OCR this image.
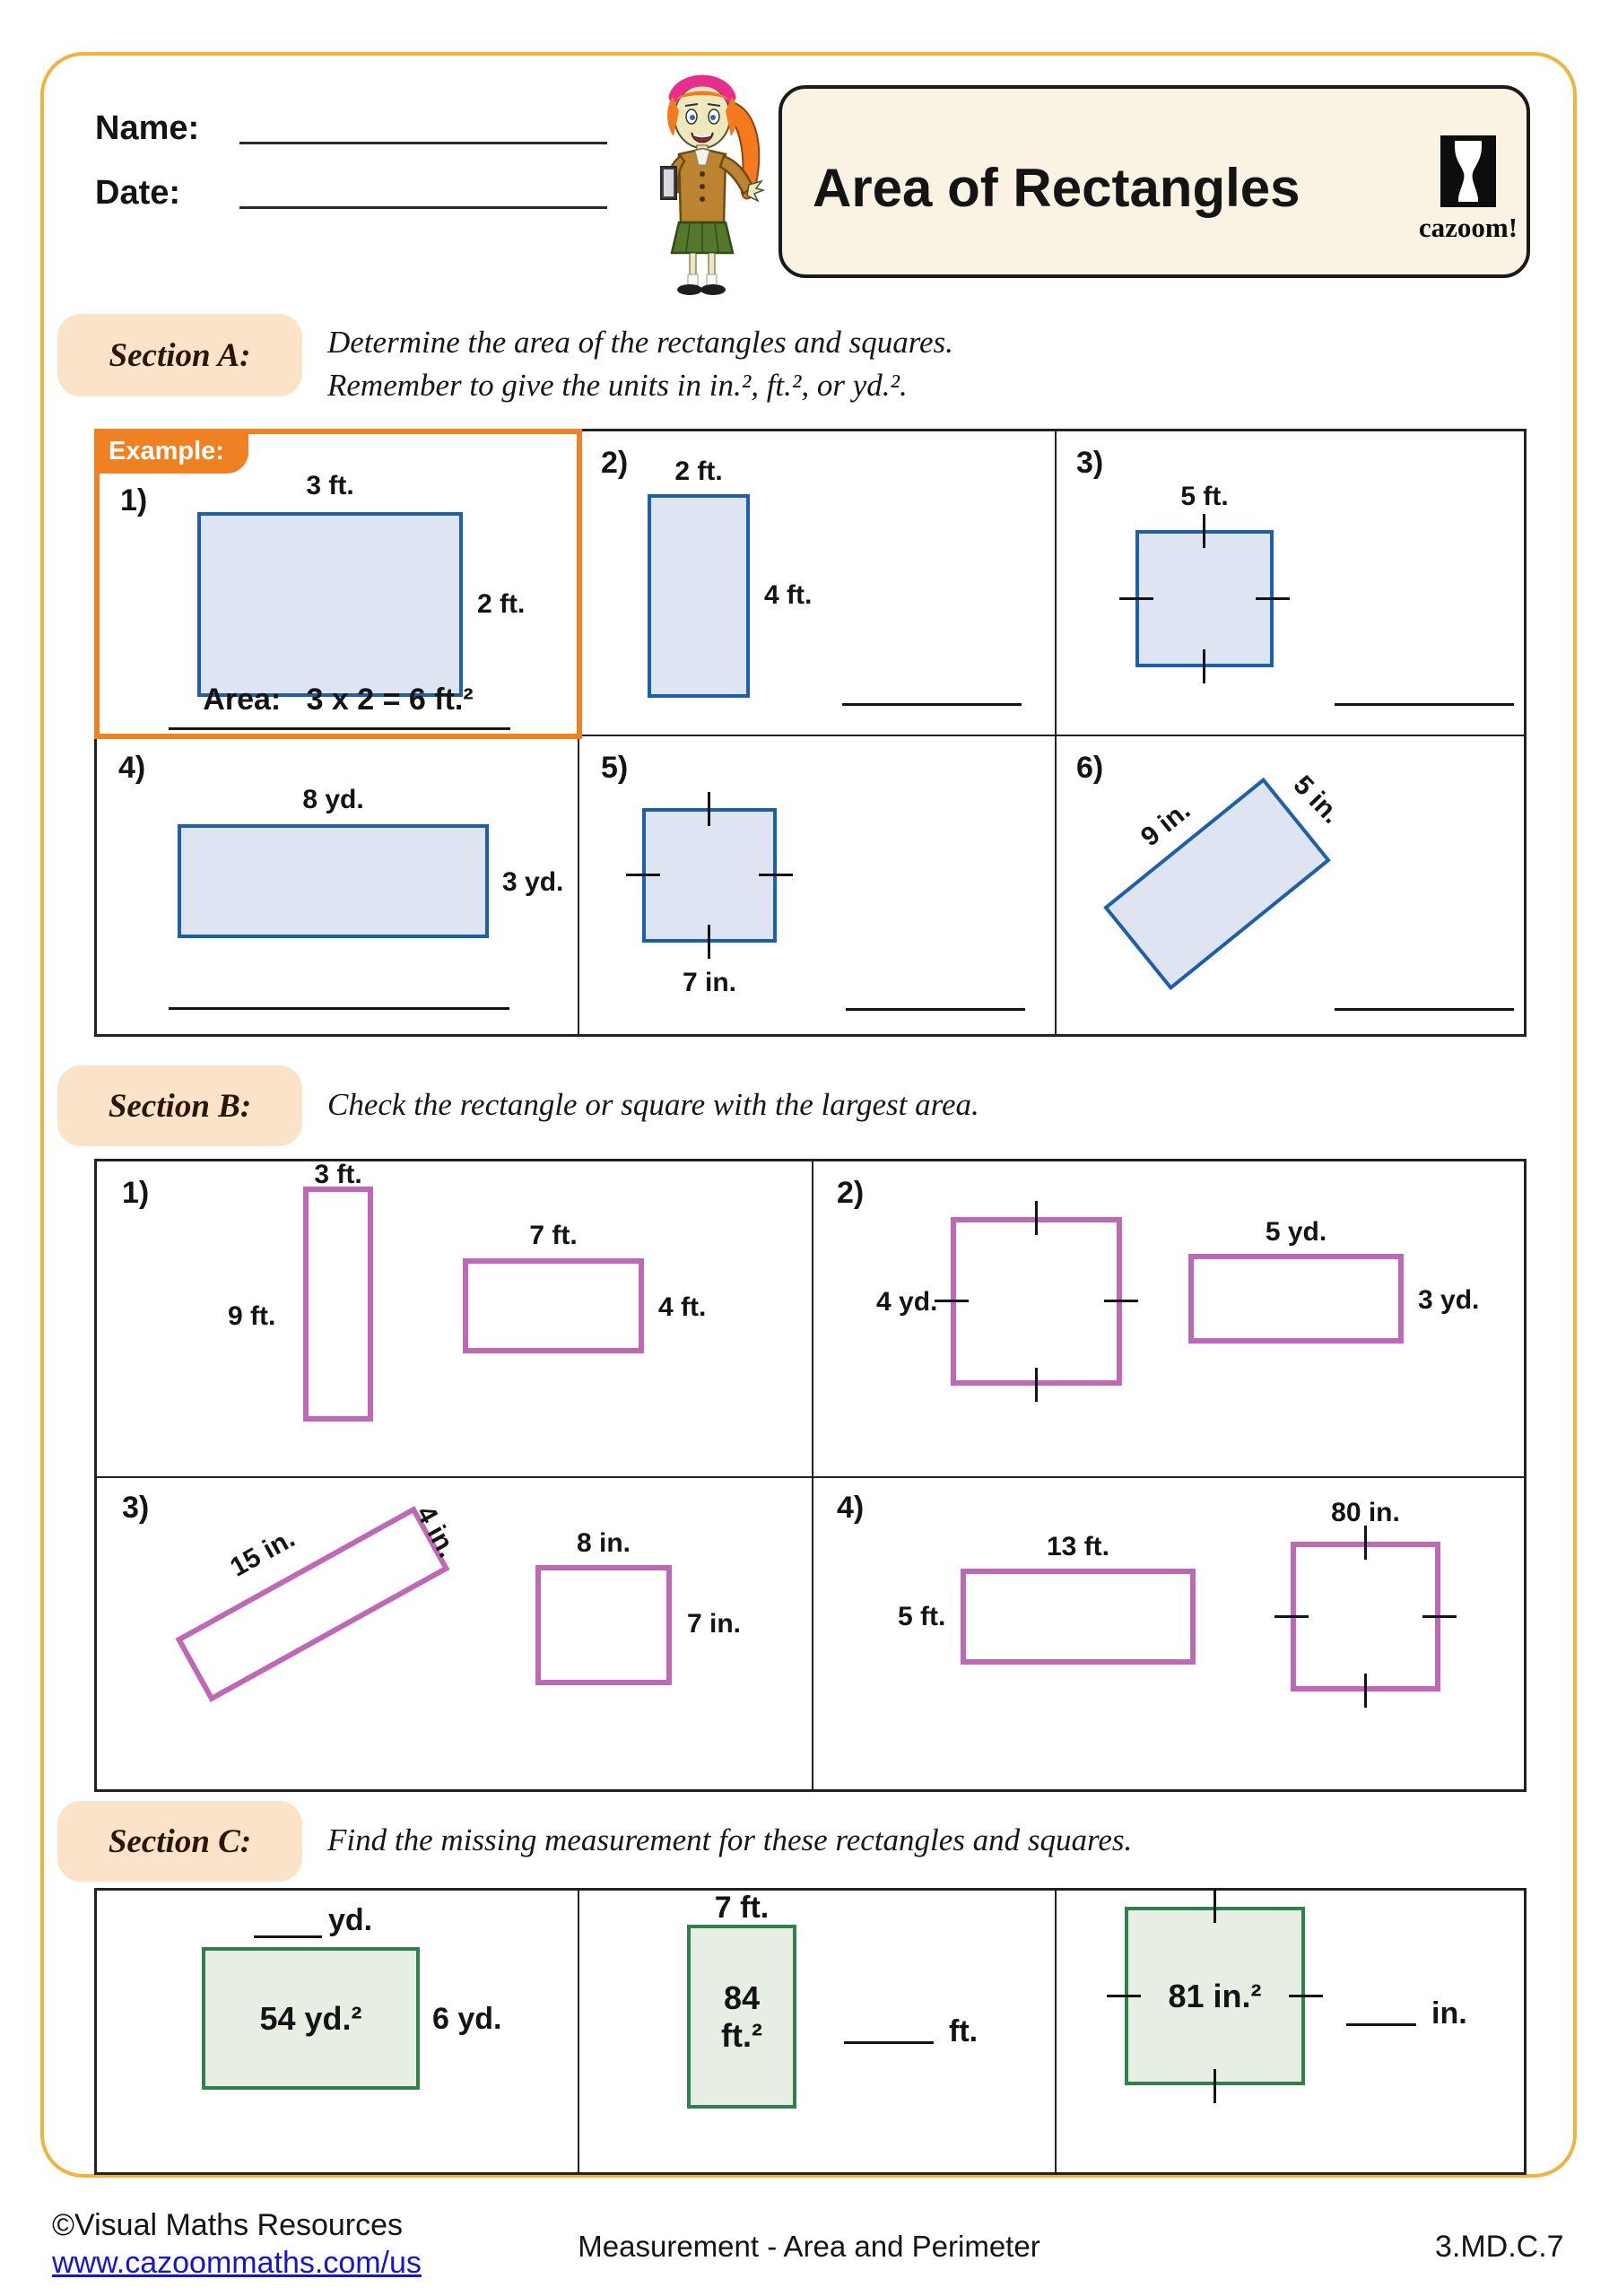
Name:
Date:	Area of Rectangles
cazoom!
Section A: Determine the area of the rectangles and squares.
Remember to give the units in in.², ft.², or yd.².
Example:
1)	3 ft.
2 ft.
Area: 3 x 2 = 6 ft.²
2)	2 ft.
4 ft.
3)
5 ft.
4)
8 yd.
3 yd.
5)
7 in.
6)
9 in.	5 in.
Section B: Check the rectangle or square with the largest area.
1)
3 ft.
9 ft.
7 ft.
4 ft.
2)
4 yd.
5 yd.
3 yd.
3)
15 in.	4 in.	8 in.
7 in.
4)
13 ft.
5 ft.
80 in.
Section C: Find the missing measurement for these rectangles and squares.
54 yd.²
yd.
6 yd.
84
ft.²
7 ft.
ft.
81 in.²	in.
©Visual Maths Resources
www.cazoommaths.com/us	Measurement - Area and Perimeter	3.MD.C.7
